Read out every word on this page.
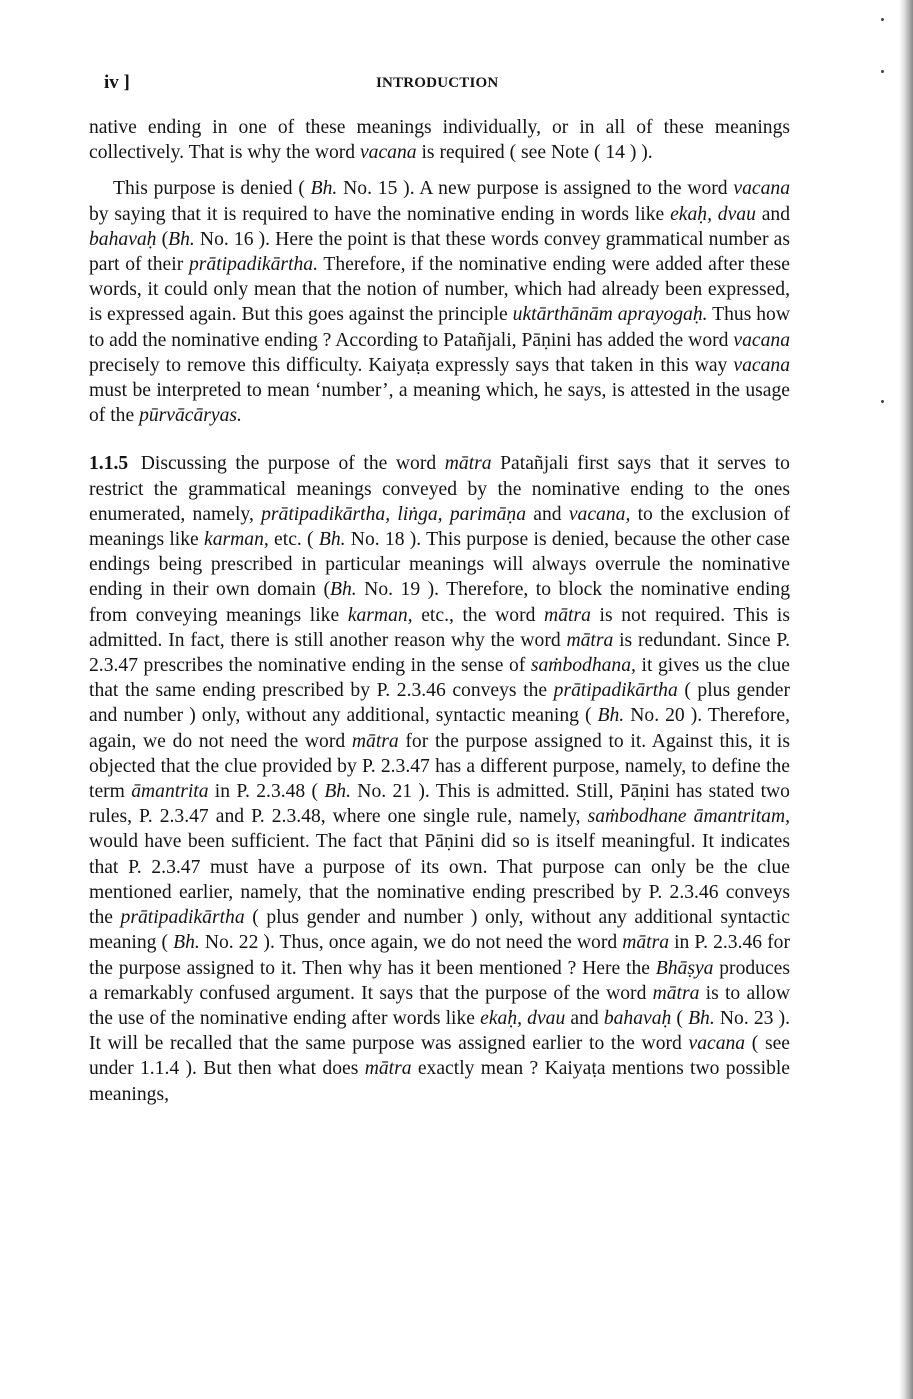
iv ]	INTRODUCTION

native ending in one of these meanings individually, or in all of these meanings collectively. That is why the word vacana is required ( see Note ( 14 ) ).

This purpose is denied ( Bh. No. 15 ). A new purpose is assigned to the word vacana by saying that it is required to have the nominative ending in words like ekaḥ, dvau and bahavaḥ (Bh. No. 16 ). Here the point is that these words convey grammatical number as part of their prātipadikārtha. Therefore, if the nominative ending were added after these words, it could only mean that the notion of number, which had already been expressed, is expressed again. But this goes against the principle uktārthānām aprayogaḥ. Thus how to add the nominative ending ? According to Patañjali, Pāṇini has added the word vacana precisely to remove this difficulty. Kaiyaṭa expressly says that taken in this way vacana must be interpreted to mean ‘number’, a meaning which, he says, is attested in the usage of the pūrvācāryas.

1.1.5 Discussing the purpose of the word mātra Patañjali first says that it serves to restrict the grammatical meanings conveyed by the nominative ending to the ones enumerated, namely, prātipadikārtha, liṅga, parimāṇa and vacana, to the exclusion of meanings like karman, etc. ( Bh. No. 18 ). This purpose is denied, because the other case endings being prescribed in particular meanings will always overrule the nominative ending in their own domain (Bh. No. 19 ). Therefore, to block the nominative ending from conveying meanings like karman, etc., the word mātra is not required. This is admitted. In fact, there is still another reason why the word mātra is redundant. Since P. 2.3.47 prescribes the nominative ending in the sense of saṁbodhana, it gives us the clue that the same ending prescribed by P. 2.3.46 conveys the prātipadikārtha ( plus gender and number ) only, without any additional, syntactic meaning ( Bh. No. 20 ). Therefore, again, we do not need the word mātra for the purpose assigned to it. Against this, it is objected that the clue provided by P. 2.3.47 has a different purpose, namely, to define the term āmantrita in P. 2.3.48 ( Bh. No. 21 ). This is admitted. Still, Pāṇini has stated two rules, P. 2.3.47 and P. 2.3.48, where one single rule, namely, saṁbodhane āmantritam, would have been sufficient. The fact that Pāṇini did so is itself meaningful. It indicates that P. 2.3.47 must have a purpose of its own. That purpose can only be the clue mentioned earlier, namely, that the nominative ending prescribed by P. 2.3.46 conveys the prātipadikārtha ( plus gender and number ) only, without any additional syntactic meaning ( Bh. No. 22 ). Thus, once again, we do not need the word mātra in P. 2.3.46 for the purpose assigned to it. Then why has it been mentioned ? Here the Bhāṣya produces a remarkably confused argument. It says that the purpose of the word mātra is to allow the use of the nominative ending after words like ekaḥ, dvau and bahavaḥ ( Bh. No. 23 ). It will be recalled that the same purpose was assigned earlier to the word vacana ( see under 1.1.4 ). But then what does mātra exactly mean ? Kaiyaṭa mentions two possible meanings,
